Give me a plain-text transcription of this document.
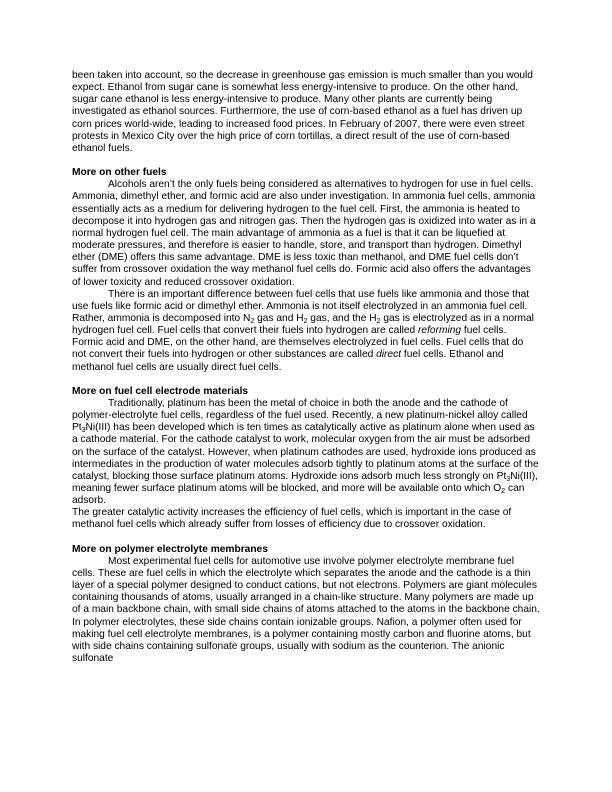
been taken into account, so the decrease in greenhouse gas emission is much smaller than you would expect. Ethanol from sugar cane is somewhat less energy-intensive to produce. On the other hand, sugar cane ethanol is less energy-intensive to produce. Many other plants are currently being investigated as ethanol sources. Furthermore, the use of corn-based ethanol as a fuel has driven up corn prices world-wide, leading to increased food prices. In February of 2007, there were even street protests in Mexico City over the high price of corn tortillas, a direct result of the use of corn-based ethanol fuels.

More on other fuels

Alcohols aren’t the only fuels being considered as alternatives to hydrogen for use in fuel cells. Ammonia, dimethyl ether, and formic acid are also under investigation. In ammonia fuel cells, ammonia essentially acts as a medium for delivering hydrogen to the fuel cell. First, the ammonia is heated to decompose it into hydrogen gas and nitrogen gas. Then the hydrogen gas is oxidized into water as in a normal hydrogen fuel cell. The main advantage of ammonia as a fuel is that it can be liquefied at moderate pressures, and therefore is easier to handle, store, and transport than hydrogen. Dimethyl ether (DME) offers this same advantage. DME is less toxic than methanol, and DME fuel cells don’t suffer from crossover oxidation the way methanol fuel cells do. Formic acid also offers the advantages of lower toxicity and reduced crossover oxidation.

There is an important difference between fuel cells that use fuels like ammonia and those that use fuels like formic acid or dimethyl ether. Ammonia is not itself electrolyzed in an ammonia fuel cell. Rather, ammonia is decomposed into $N_2$ gas and $H_2$ gas, and the $H_2$ gas is electrolyzed as in a normal hydrogen fuel cell. Fuel cells that convert their fuels into hydrogen are called reforming fuel cells. Formic acid and DME, on the other hand, are themselves electrolyzed in fuel cells. Fuel cells that do not convert their fuels into hydrogen or other substances are called direct fuel cells. Ethanol and methanol fuel cells are usually direct fuel cells.

More on fuel cell electrode materials

Traditionally, platinum has been the metal of choice in both the anode and the cathode of polymer-electrolyte fuel cells, regardless of the fuel used. Recently, a new platinum-nickel alloy called $Pt_3Ni(III)$ has been developed which is ten times as catalytically active as platinum alone when used as a cathode material. For the cathode catalyst to work, molecular oxygen from the air must be adsorbed on the surface of the catalyst. However, when platinum cathodes are used, hydroxide ions produced as intermediates in the production of water molecules adsorb tightly to platinum atoms at the surface of the catalyst, blocking those surface platinum atoms. Hydroxide ions adsorb much less strongly on $Pt_3Ni(III)$, meaning fewer surface platinum atoms will be blocked, and more will be available onto which $O_2$ can adsorb.

The greater catalytic activity increases the efficiency of fuel cells, which is important in the case of methanol fuel cells which already suffer from losses of efficiency due to crossover oxidation.

More on polymer electrolyte membranes

Most experimental fuel cells for automotive use involve polymer electrolyte membrane fuel cells. These are fuel cells in which the electrolyte which separates the anode and the cathode is a thin layer of a special polymer designed to conduct cations, but not electrons. Polymers are giant molecules containing thousands of atoms, usually arranged in a chain-like structure. Many polymers are made up of a main backbone chain, with small side chains of atoms attached to the atoms in the backbone chain. In polymer electrolytes, these side chains contain ionizable groups. Nafion, a polymer often used for making fuel cell electrolyte membranes, is a polymer containing mostly carbon and fluorine atoms, but with side chains containing sulfonate groups, usually with sodium as the counterion. The anionic sulfonate
